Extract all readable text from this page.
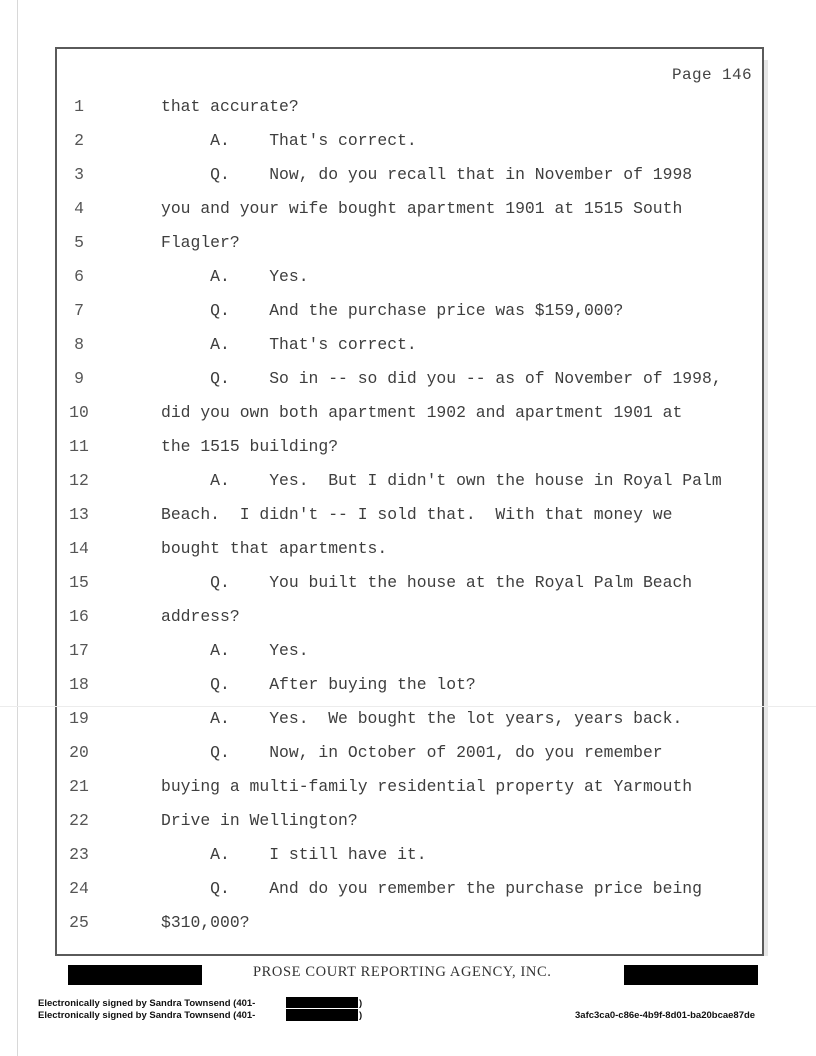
Page 146
1	that accurate?
2	A.    That's correct.
3	Q.    Now, do you recall that in November of 1998
4	you and your wife bought apartment 1901 at 1515 South
5	Flagler?
6	A.    Yes.
7	Q.    And the purchase price was $159,000?
8	A.    That's correct.
9	Q.    So in -- so did you -- as of November of 1998,
10	did you own both apartment 1902 and apartment 1901 at
11	the 1515 building?
12	A.    Yes.  But I didn't own the house in Royal Palm
13	Beach.  I didn't -- I sold that.  With that money we
14	bought that apartments.
15	Q.    You built the house at the Royal Palm Beach
16	address?
17	A.    Yes.
18	Q.    After buying the lot?
19	A.    Yes.  We bought the lot years, years back.
20	Q.    Now, in October of 2001, do you remember
21	buying a multi-family residential property at Yarmouth
22	Drive in Wellington?
23	A.    I still have it.
24	Q.    And do you remember the purchase price being
25	$310,000?
PROSE COURT REPORTING AGENCY, INC.
Electronically signed by Sandra Townsend (401-	)
Electronically signed by Sandra Townsend (401-	)	3afc3ca0-c86e-4b9f-8d01-ba20bcae87de
